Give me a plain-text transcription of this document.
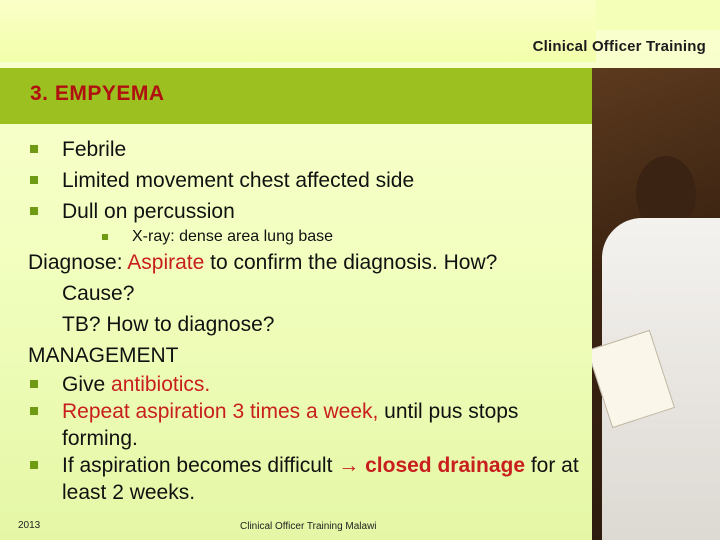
Clinical Officer Training
3. EMPYEMA
Febrile
Limited movement chest affected side
Dull on percussion
X-ray: dense area lung base

Diagnose: Aspirate to confirm the diagnosis. How?

Cause?

TB? How to diagnose?

MANAGEMENT

Give antibiotics.
Repeat aspiration 3 times a week, until pus stops forming.
If aspiration becomes difficult → closed drainage for at least 2 weeks.
2013	Clinical Officer Training Malawi
